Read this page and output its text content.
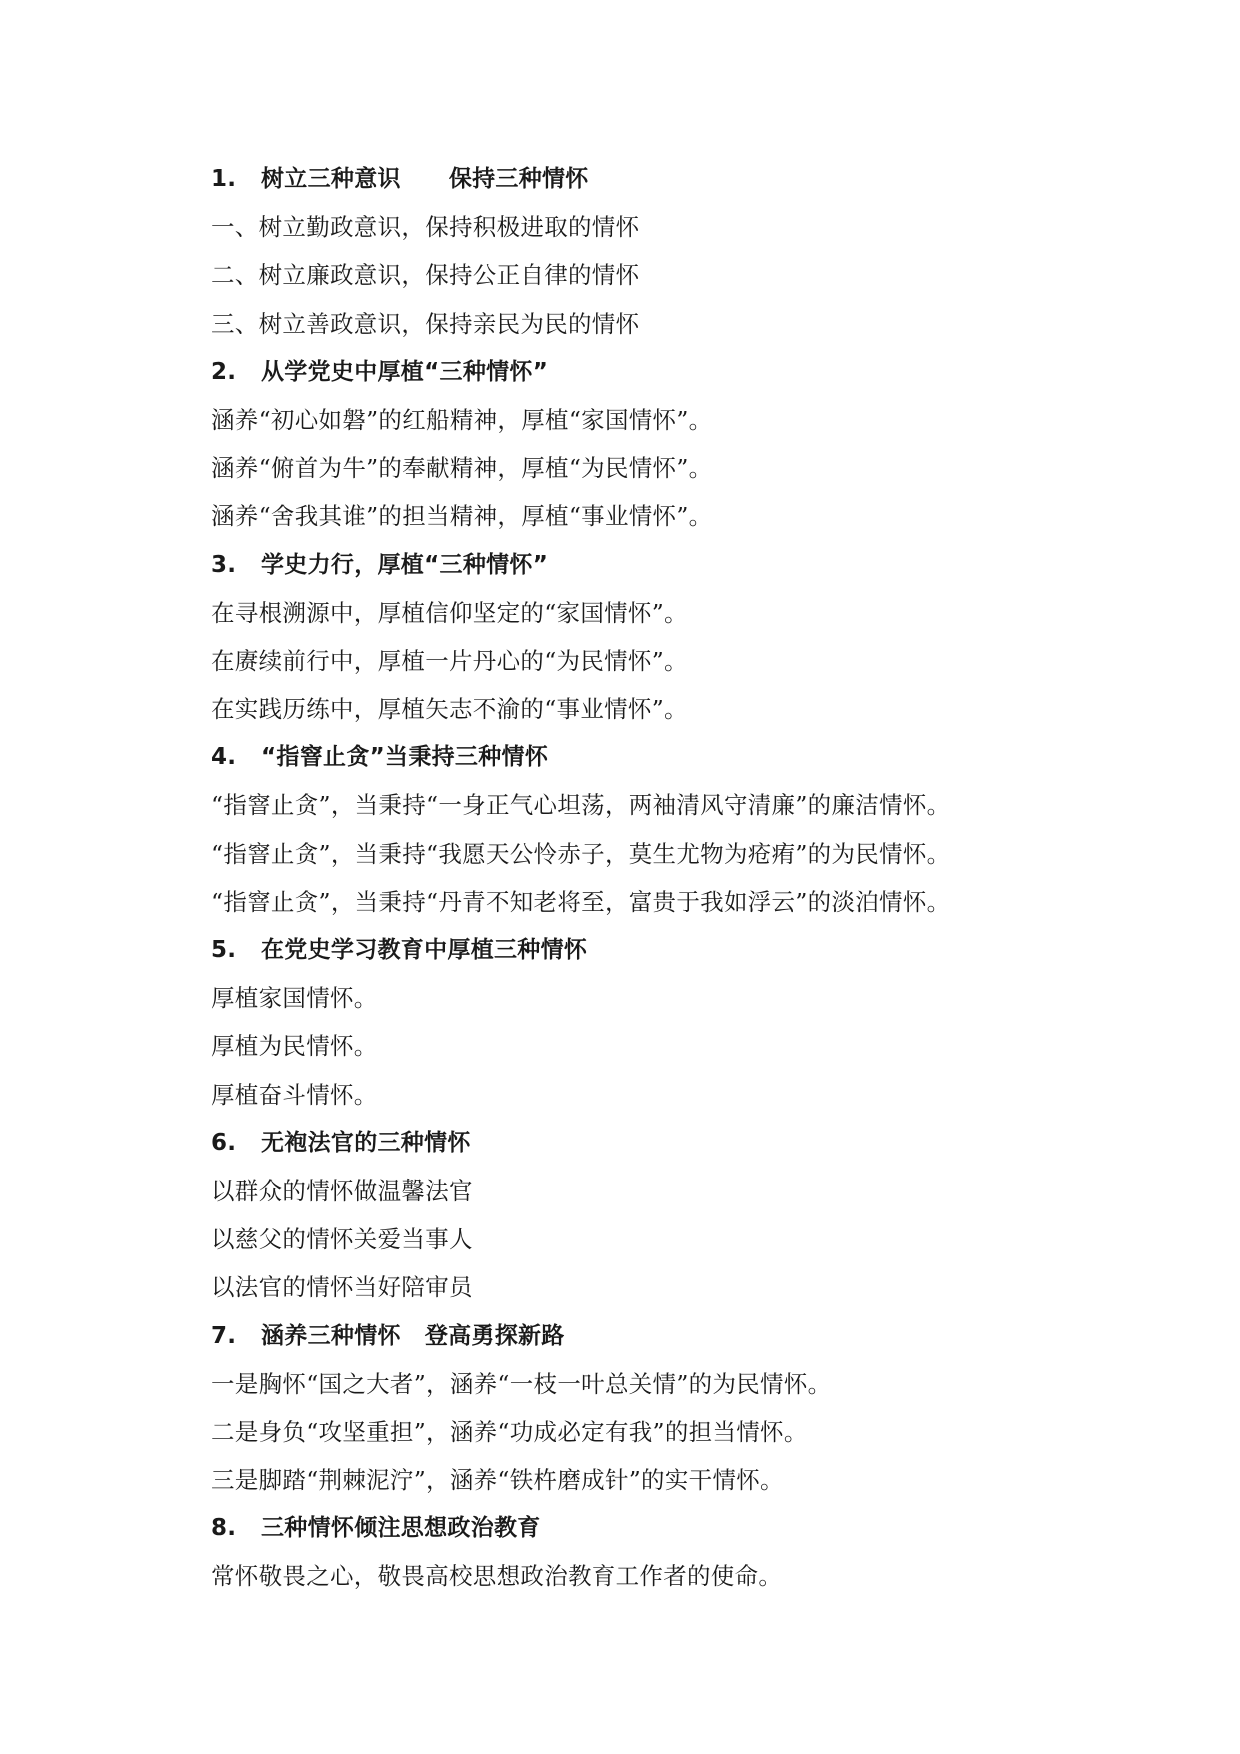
1. 树立三种意识 保持三种情怀
一、树立勤政意识，保持积极进取的情怀
二、树立廉政意识，保持公正自律的情怀
三、树立善政意识，保持亲民为民的情怀
2. 从学党史中厚植“三种情怀”
涵养“初心如磐”的红船精神，厚植“家国情怀”。
涵养“俯首为牛”的奉献精神，厚植“为民情怀”。
涵养“舍我其谁”的担当精神，厚植“事业情怀”。
3. 学史力行，厚植“三种情怀”
在寻根溯源中，厚植信仰坚定的“家国情怀”。
在赓续前行中，厚植一片丹心的“为民情怀”。
在实践历练中，厚植矢志不渝的“事业情怀”。
4. “指窨止贪”当秉持三种情怀
“指窨止贪”，当秉持“一身正气心坦荡，两袖清风守清廉”的廉洁情怀。
“指窨止贪”，当秉持“我愿天公怜赤子，莫生尤物为疮痏”的为民情怀。
“指窨止贪”，当秉持“丹青不知老将至，富贵于我如浮云”的淡泊情怀。
5. 在党史学习教育中厚植三种情怀
厚植家国情怀。
厚植为民情怀。
厚植奋斗情怀。
6. 无袍法官的三种情怀
以群众的情怀做温馨法官
以慈父的情怀关爱当事人
以法官的情怀当好陪审员
7. 涵养三种情怀 登高勇探新路
一是胸怀“国之大者”，涵养“一枝一叶总关情”的为民情怀。
二是身负“攻坚重担”，涵养“功成必定有我”的担当情怀。
三是脚踏“荆棘泥泞”，涵养“铁杵磨成针”的实干情怀。
8. 三种情怀倾注思想政治教育
常怀敬畏之心，敬畏高校思想政治教育工作者的使命。
